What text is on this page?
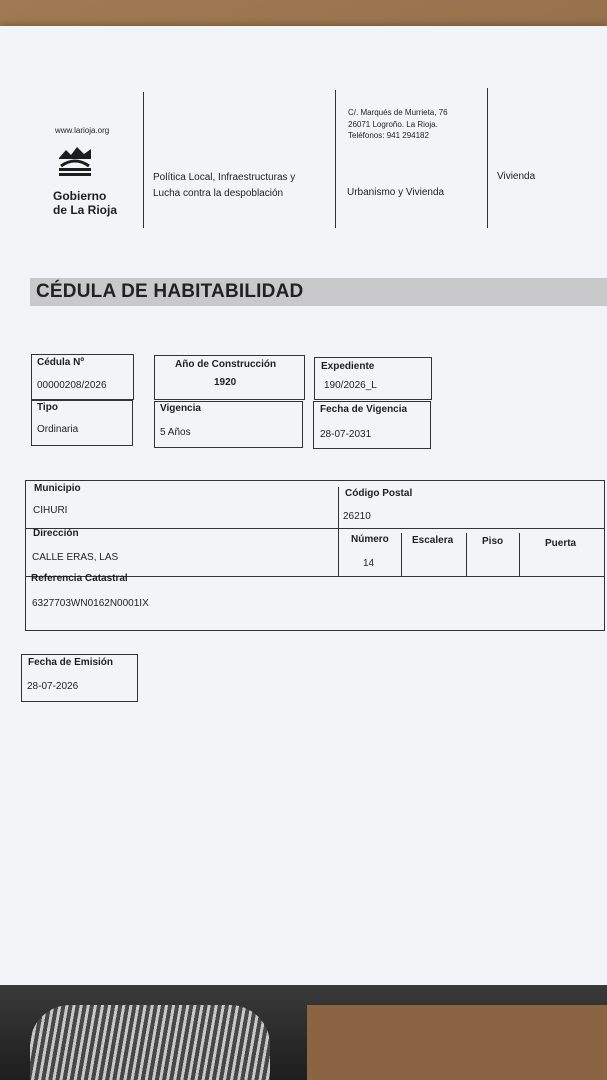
www.larioja.org
Gobierno
de La Rioja
Política Local, Infraestructuras y
Lucha contra la despoblación
C/. Marqués de Murrieta, 76
26071 Logroño. La Rioja.
Teléfonos: 941 294182
Urbanismo y Vivienda
Vivienda
CÉDULA DE HABITABILIDAD
Cédula Nº
00000208/2026
Tipo
Ordinaria
Año de Construcción
1920
Vigencia
5 Años
Expediente
190/2026_L
Fecha de Vigencia
28-07-2031
Municipio
CIHURI
Código Postal
26210
Dirección
CALLE ERAS, LAS
Número
14
Escalera	Piso	Puerta
Referencia Catastral
6327703WN0162N0001IX
Fecha de Emisión
28-07-2026
